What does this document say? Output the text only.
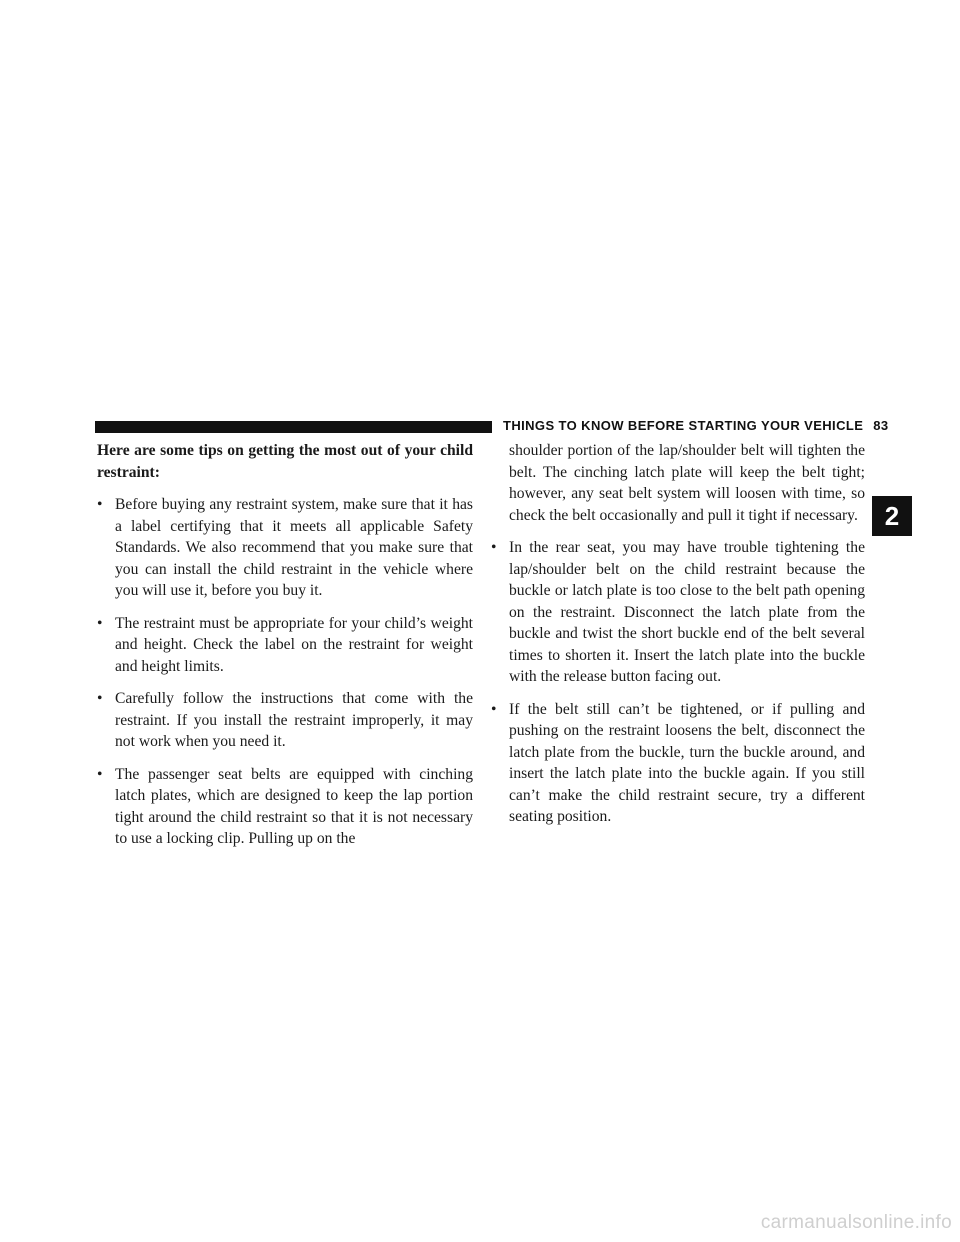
THINGS TO KNOW BEFORE STARTING YOUR VEHICLE 83
2

Here are some tips on getting the most out of your child restraint:

• Before buying any restraint system, make sure that it has a label certifying that it meets all applicable Safety Standards. We also recommend that you make sure that you can install the child restraint in the vehicle where you will use it, before you buy it.
• The restraint must be appropriate for your child’s weight and height. Check the label on the restraint for weight and height limits.
• Carefully follow the instructions that come with the restraint. If you install the restraint improperly, it may not work when you need it.
• The passenger seat belts are equipped with cinching latch plates, which are designed to keep the lap portion tight around the child restraint so that it is not necessary to use a locking clip. Pulling up on the

shoulder portion of the lap/shoulder belt will tighten the belt. The cinching latch plate will keep the belt tight; however, any seat belt system will loosen with time, so check the belt occasionally and pull it tight if necessary.

• In the rear seat, you may have trouble tightening the lap/shoulder belt on the child restraint because the buckle or latch plate is too close to the belt path opening on the restraint. Disconnect the latch plate from the buckle and twist the short buckle end of the belt several times to shorten it. Insert the latch plate into the buckle with the release button facing out.
• If the belt still can’t be tightened, or if pulling and pushing on the restraint loosens the belt, disconnect the latch plate from the buckle, turn the buckle around, and insert the latch plate into the buckle again. If you still can’t make the child restraint secure, try a different seating position.
carmanualsonline.info
